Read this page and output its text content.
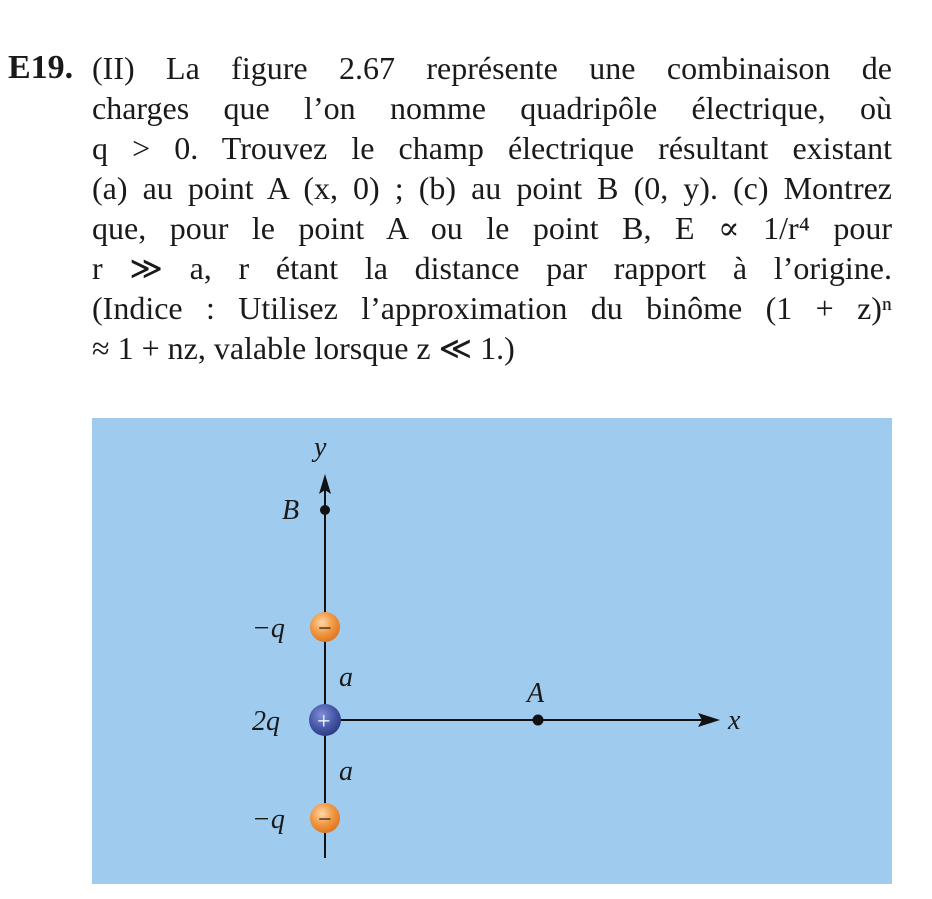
E19. (II) La figure 2.67 représente une combinaison de
charges que l’on nomme quadripôle électrique, où
q > 0. Trouvez le champ électrique résultant existant
(a) au point A (x, 0) ; (b) au point B (0, y). (c) Montrez
que, pour le point A ou le point B, E ∝ 1/r⁴ pour
r ≫ a, r étant la distance par rapport à l’origine.
(Indice : Utilisez l’approximation du binôme (1 + z)ⁿ
≈ 1 + nz, valable lorsque z ≪ 1.)
y
x
B
A
−
−q
+
2q
−
−q
a
a
